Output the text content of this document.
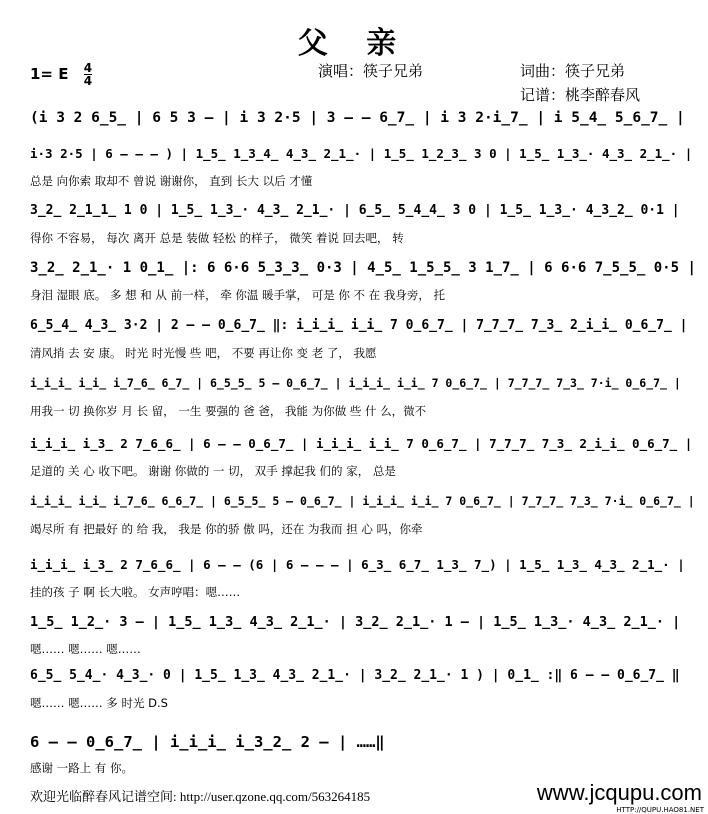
父 亲
1= E $\frac{4}{4}$	演唱：筷子兄弟	词曲：筷子兄弟
记谱：桃李醉春风
(i 3 2 6̲5̲ | 6 5 3 – | i 3 2·5 | 3 – – 6̲7̲ | i 3 2·i̲7̲ | i 5̲4̲ 5̲6̲7̲ |
i·3 2·5 | 6 – – – ) | 1̲5̲ 1̲3̲4̲ 4̲3̲ 2̲1̲· | 1̲5̲ 1̲2̲3̲ 3 0 | 1̲5̲ 1̲3̲· 4̲3̲ 2̲1̲· |
总是 向你索 取却不 曾说 谢谢你， 直到 长大 以后 才懂
3̲2̲ 2̲1̲1̲ 1 0 | 1̲5̲ 1̲3̲· 4̲3̲ 2̲1̲· | 6̲5̲ 5̲4̲4̲ 3 0 | 1̲5̲ 1̲3̲· 4̲3̲2̲ 0·1 |
得你 不容易， 每次 离开 总是 装做 轻松 的样子， 微笑 着说 回去吧， 转
3̲2̲ 2̲1̲· 1 0̲1̲ |: 6 6·6 5̲3̲3̲ 0·3 | 4̲5̲ 1̲5̲5̲ 3 1̲7̲ | 6 6·6 7̲5̲5̲ 0·5 |
身泪 湿眼 底。 多 想 和 从 前一样， 牵 你温 暖手掌， 可是 你 不 在 我身旁， 托
6̲5̲4̲ 4̲3̲ 3·2 | 2 – – 0̲6̲7̲ ‖: i̲i̲i̲ i̲i̲ 7 0̲6̲7̲ | 7̲7̲7̲ 7̲3̲ 2̲i̲i̲ 0̲6̲7̲ |
清风捎 去 安 康。 时光 时光慢 些 吧， 不要 再让你 变 老 了， 我愿
i̲i̲i̲ i̲i̲ i̲7̲6̲ 6̲7̲ | 6̲5̲5̲ 5 – 0̲6̲7̲ | i̲i̲i̲ i̲i̲ 7 0̲6̲7̲ | 7̲7̲7̲ 7̲3̲ 7·i̲ 0̲6̲7̲ |
用我一 切 换你岁 月 长 留， 一生 要强的 爸 爸， 我能 为你做 些 什 么，微不
i̲i̲i̲ i̲3̲ 2 7̲6̲6̲ | 6 – – 0̲6̲7̲ | i̲i̲i̲ i̲i̲ 7 0̲6̲7̲ | 7̲7̲7̲ 7̲3̲ 2̲i̲i̲ 0̲6̲7̲ |
足道的 关 心 收下吧。 谢谢 你做的 一 切， 双手 撑起我 们的 家， 总是
i̲i̲i̲ i̲i̲ i̲7̲6̲ 6̲6̲7̲ | 6̲5̲5̲ 5 – 0̲6̲7̲ | i̲i̲i̲ i̲i̲ 7 0̲6̲7̲ | 7̲7̲7̲ 7̲3̲ 7·i̲ 0̲6̲7̲ |
竭尽所 有 把最好 的 给 我， 我是 你的骄 傲 吗，还在 为我而 担 心 吗，你牵
i̲i̲i̲ i̲3̲ 2 7̲6̲6̲ | 6 – – (6 | 6 – – – | 6̲3̲ 6̲7̲ 1̲3̲ 7̲) | 1̲5̲ 1̲3̲ 4̲3̲ 2̲1̲· |
挂的孩 子 啊 长大啦。 女声哼唱：嗯……
1̲5̲ 1̲2̲· 3 – | 1̲5̲ 1̲3̲ 4̲3̲ 2̲1̲· | 3̲2̲ 2̲1̲· 1 – | 1̲5̲ 1̲3̲· 4̲3̲ 2̲1̲· |
嗯…… 嗯…… 嗯……
6̲5̲ 5̲4̲· 4̲3̲· 0 | 1̲5̲ 1̲3̲ 4̲3̲ 2̲1̲· | 3̲2̲ 2̲1̲· 1 ) | 0̲1̲ :‖ 6 – – 0̲6̲7̲ ‖
嗯…… 嗯…… 多 时光 D.S
6 – – 0̲6̲7̲ | i̲i̲i̲ i̲3̲2̲ 2 – | ……‖
感谢 一路上 有 你。
欢迎光临醉春风记谱空间: http://user.qzone.qq.com/563264185	www.jcqupu.com
HTTP://QUPU.HAO81.NET
